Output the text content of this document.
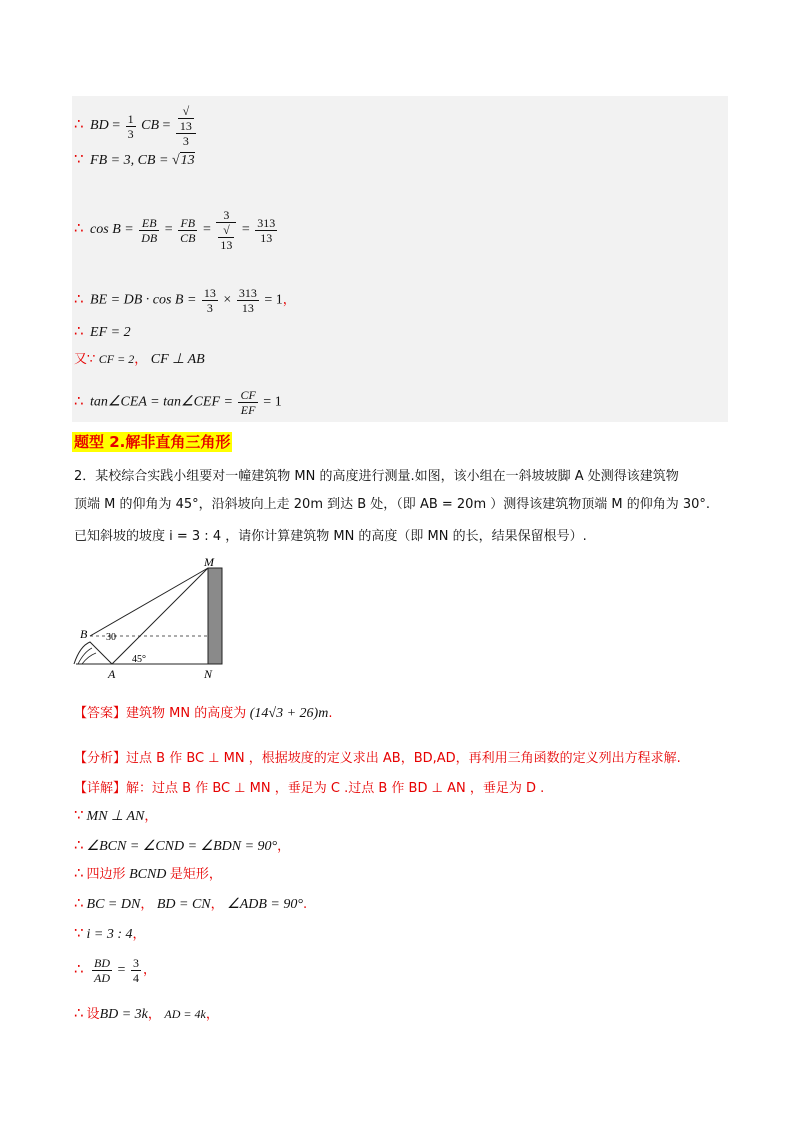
∴ BD = $\frac{1}{3}$ CB = √
13
3
∵ FB = 3, CB = √13
∴ $\cos B = \frac{EB}{DB} = \frac{FB}{CB} = 3$
√
$13 = \frac{313}{13}$
∴ BE = DB · $\cos B = \frac{13}{3} \times \frac{313}{13} = 1$，
∴ EF = 2
又∵ CF = 2， CF ⊥ AB
∴ tan∠CEA = tan∠CEF = $\frac{CF}{EF} = 1$
题型 2.解非直角三角形
2．某校综合实践小组要对一幢建筑物 MN 的高度进行测量.如图，该小组在一斜坡坡脚 A 处测得该建筑物
顶端 M 的仰角为 45°，沿斜坡向上走 20m 到达 B 处，（即 AB = 20m ）测得该建筑物顶端 M 的仰角为 30°.
已知斜坡的坡度 i = 3 : 4 ，请你计算建筑物 MN 的高度（即 MN 的长，结果保留根号）.
M
B
A	N
30
45°
【答案】建筑物 MN 的高度为 (14√3 + 26)m.
【分析】过点 B 作 BC ⊥ MN ，根据坡度的定义求出 AB，BD,AD，再利用三角函数的定义列出方程求解.
【详解】解：过点 B 作 BC ⊥ MN ，垂足为 C .过点 B 作 BD ⊥ AN ，垂足为 D .
∵ MN ⊥ AN，
∴ ∠BCN = ∠CND = ∠BDN = 90°，
∴ 四边形 BCND 是矩形，
∴ BC = DN， BD = CN， ∠ADB = 90°.
∵ i = 3 : 4，
∴ $\frac{BD}{AD} = \frac{3}{4}$ ，
∴ 设BD = 3k， AD = 4k，
